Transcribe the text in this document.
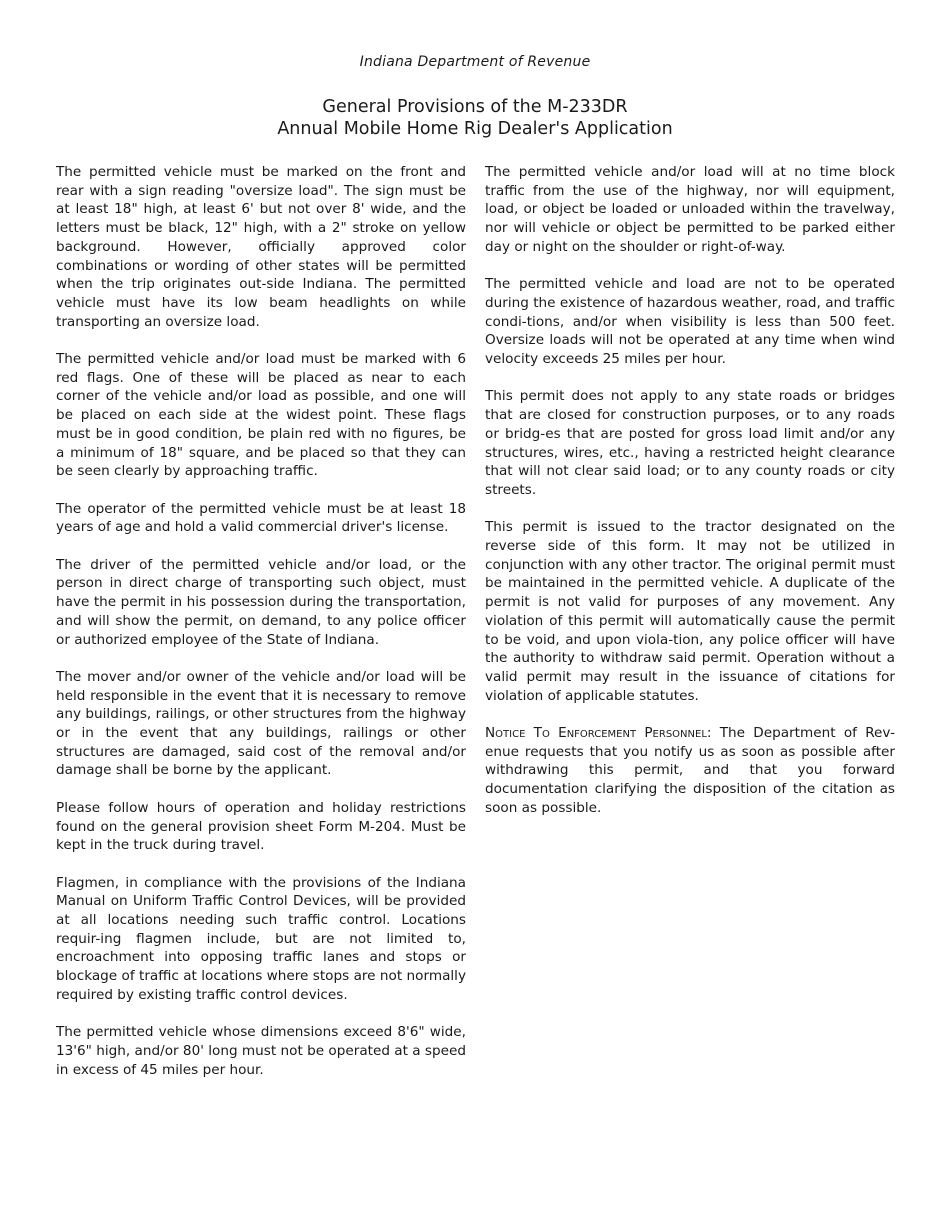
Indiana Department of Revenue
General Provisions of the M-233DR
Annual Mobile Home Rig Dealer's Application

The permitted vehicle must be marked on the front and rear with a sign reading "oversize load". The sign must be at least 18" high, at least 6' but not over 8' wide, and the letters must be black, 12" high, with a 2" stroke on yellow background. However, officially approved color combinations or wording of other states will be permitted when the trip originates out-side Indiana. The permitted vehicle must have its low beam headlights on while transporting an oversize load.

The permitted vehicle and/or load must be marked with 6 red flags. One of these will be placed as near to each corner of the vehicle and/or load as possible, and one will be placed on each side at the widest point. These flags must be in good condition, be plain red with no figures, be a minimum of 18" square, and be placed so that they can be seen clearly by approaching traffic.

The operator of the permitted vehicle must be at least 18 years of age and hold a valid commercial driver's license.

The driver of the permitted vehicle and/or load, or the person in direct charge of transporting such object, must have the permit in his possession during the transportation, and will show the permit, on demand, to any police officer or authorized employee of the State of Indiana.

The mover and/or owner of the vehicle and/or load will be held responsible in the event that it is necessary to remove any buildings, railings, or other structures from the highway or in the event that any buildings, railings or other structures are damaged, said cost of the removal and/or damage shall be borne by the applicant.

Please follow hours of operation and holiday restrictions found on the general provision sheet Form M-204. Must be kept in the truck during travel.

Flagmen, in compliance with the provisions of the Indiana Manual on Uniform Traffic Control Devices, will be provided at all locations needing such traffic control. Locations requir-ing flagmen include, but are not limited to, encroachment into opposing traffic lanes and stops or blockage of traffic at locations where stops are not normally required by existing traffic control devices.

The permitted vehicle whose dimensions exceed 8'6" wide, 13'6" high, and/or 80' long must not be operated at a speed in excess of 45 miles per hour.

The permitted vehicle and/or load will at no time block traffic from the use of the highway, nor will equipment, load, or object be loaded or unloaded within the travelway, nor will vehicle or object be permitted to be parked either day or night on the shoulder or right-of-way.

The permitted vehicle and load are not to be operated during the existence of hazardous weather, road, and traffic condi-tions, and/or when visibility is less than 500 feet. Oversize loads will not be operated at any time when wind velocity exceeds 25 miles per hour.

This permit does not apply to any state roads or bridges that are closed for construction purposes, or to any roads or bridg-es that are posted for gross load limit and/or any structures, wires, etc., having a restricted height clearance that will not clear said load; or to any county roads or city streets.

This permit is issued to the tractor designated on the reverse side of this form. It may not be utilized in conjunction with any other tractor. The original permit must be maintained in the permitted vehicle. A duplicate of the permit is not valid for purposes of any movement. Any violation of this permit will automatically cause the permit to be void, and upon viola-tion, any police officer will have the authority to withdraw said permit. Operation without a valid permit may result in the issuance of citations for violation of applicable statutes.

Notice To Enforcement Personnel: The Department of Rev-enue requests that you notify us as soon as possible after withdrawing this permit, and that you forward documentation clarifying the disposition of the citation as soon as possible.
